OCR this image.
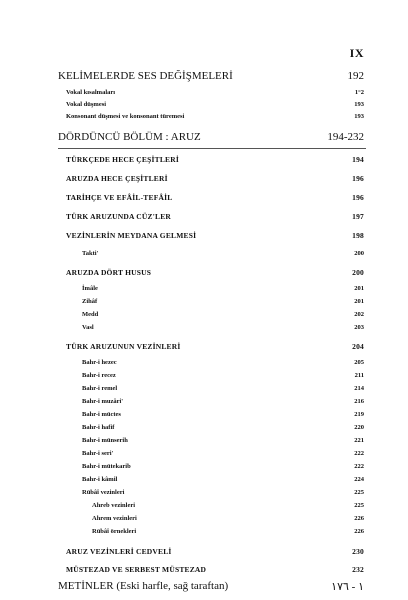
IX
KELİMELERDE SES DEĞİŞMELERİ	192
Vokal kısalmaları	1°2
Vokal düşmesi	193
Konsonant düşmesi ve konsonant türemesi	193
DÖRDÜNCÜ BÖLÜM : ARUZ	194-232
TÜRKÇEDE HECE ÇEŞİTLERİ	194
ARUZDA HECE ÇEŞİTLERİ	196
TARİHÇE VE EFÂİL-TEFÂİL	196
TÜRK ARUZUNDA CÜZ'LER	197
VEZİNLERİN MEYDANA GELMESİ	198
Takti'	200
ARUZDA DÖRT HUSUS	200
İmâle	201
Zihâf	201
Medd	202
Vasl	203
TÜRK ARUZUNUN VEZİNLERİ	204
Bahr-i hezec	205
Bahr-i recez	211
Bahr-i remel	214
Bahr-i muzâri'	216
Bahr-i müctes	219
Bahr-i hafif	220
Bahr-i münserih	221
Bahr-i seri'	222
Bahr-i mütekarib	222
Bahr-i kâmil	224
Rübâî vezinleri	225
Ahreb vezinleri	225
Ahrem vezinleri	226
Rübâî örnekleri	226
ARUZ VEZİNLERİ CEDVELİ	230
MÜSTEZAD VE SERBEST MÜSTEZAD	232
METİNLER (Eski harfle, sağ taraftan)	١ - ١٧٦
